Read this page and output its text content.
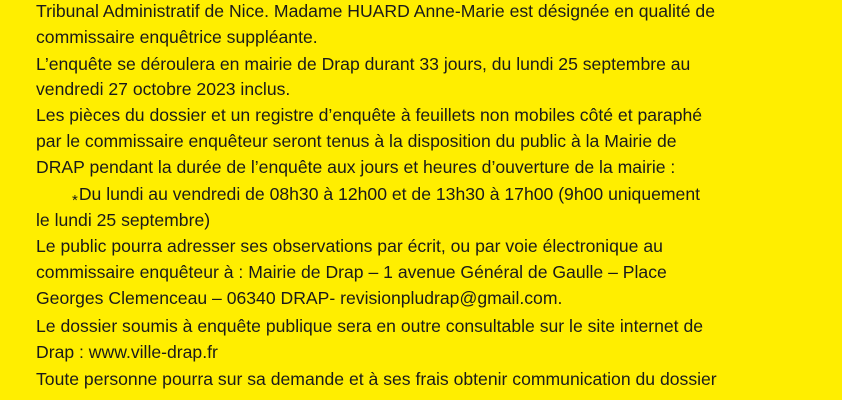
Tribunal Administratif de Nice. Madame HUARD Anne-Marie est désignée en qualité de
commissaire enquêtrice suppléante.
L’enquête se déroulera en mairie de Drap durant 33 jours, du lundi 25 septembre au
vendredi 27 octobre 2023 inclus.
Les pièces du dossier et un registre d’enquête à feuillets non mobiles côté et paraphé
par le commissaire enquêteur seront tenus à la disposition du public à la Mairie de
DRAP pendant la durée de l’enquête aux jours et heures d’ouverture de la mairie :
*Du lundi au vendredi de 08h30 à 12h00 et de 13h30 à 17h00 (9h00 uniquement
le lundi 25 septembre)
Le public pourra adresser ses observations par écrit, ou par voie électronique au
commissaire enquêteur à : Mairie de Drap – 1 avenue Général de Gaulle – Place
Georges Clemenceau – 06340 DRAP- revisionpludrap@gmail.com.
Le dossier soumis à enquête publique sera en outre consultable sur le site internet de
Drap : www.ville-drap.fr
Toute personne pourra sur sa demande et à ses frais obtenir communication du dossier
